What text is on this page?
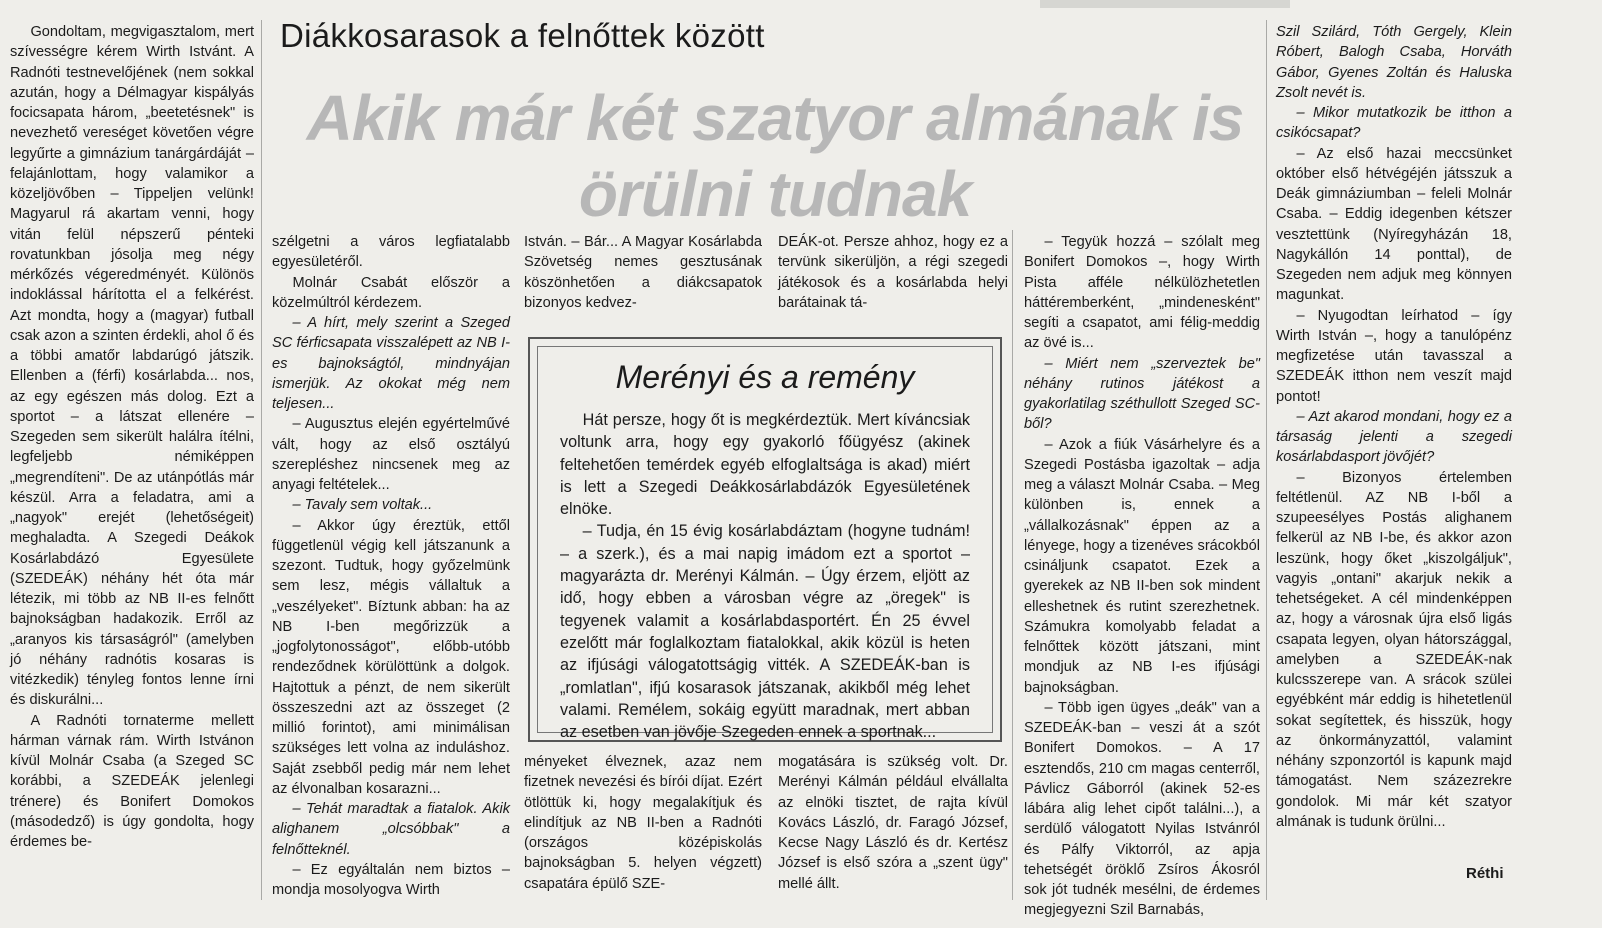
Diákkosarasok a felnőttek között
Akik már két szatyor almának is örülni tudnak

Gondoltam, megvigasztalom, mert szívességre kérem Wirth Istvánt. A Radnóti testnevelőjének (nem sokkal azután, hogy a Délmagyar kispályás focicsapata három, „beetetésnek" is nevezhető vereséget követően végre legyűrte a gimnázium tanárgárdáját – felajánlottam, hogy valamikor a közeljövőben – Tippeljen velünk! Magyarul rá akartam venni, hogy vitán felül népszerű pénteki rovatunkban jósolja meg négy mérkőzés végeredményét. Különös indoklással hárította el a felkérést. Azt mondta, hogy a (magyar) futball csak azon a szinten érdekli, ahol ő és a többi amatőr labdarúgó játszik. Ellenben a (férfi) kosárlabda... nos, az egy egészen más dolog. Ezt a sportot – a látszat ellenére – Szegeden sem sikerült halálra ítélni, legfeljebb némiképpen „megrendíteni". De az utánpótlás már készül. Arra a feladatra, ami a „nagyok" erejét (lehetőségeit) meghaladta. A Szegedi Deákok Kosárlabdázó Egyesülete (SZEDEÁK) néhány hét óta már létezik, mi több az NB II-es felnőtt bajnokságban hadakozik. Erről az „aranyos kis társaságról" (amelyben jó néhány radnótis kosaras is vitézkedik) tényleg fontos lenne írni és diskurálni...

A Radnóti tornaterme mellett hárman várnak rám. Wirth Istvánon kívül Molnár Csaba (a Szeged SC korábbi, a SZEDEÁK jelenlegi trénere) és Bonifert Domokos (másodedző) is úgy gondolta, hogy érdemes be-

szélgetni a város legfiatalabb egyesületéről.

Molnár Csabát először a közelmúltról kérdezem.

– A hírt, mely szerint a Szeged SC férficsapata visszalépett az NB I-es bajnokságtól, mindnyájan ismerjük. Az okokat még nem teljesen...

– Augusztus elején egyértelművé vált, hogy az első osztályú szerepléshez nincsenek meg az anyagi feltételek...

– Tavaly sem voltak...

– Akkor úgy éreztük, ettől függetlenül végig kell játszanunk a szezont. Tudtuk, hogy győzelmünk sem lesz, mégis vállaltuk a „veszélyeket". Bíztunk abban: ha az NB I-ben megőrizzük a „jogfolytonosságot", előbb-utóbb rendeződnek körülöttünk a dolgok. Hajtottuk a pénzt, de nem sikerült összeszedni azt az összeget (2 millió forintot), ami minimálisan szükséges lett volna az induláshoz. Saját zsebből pedig már nem lehet az élvonalban kosarazni...

– Tehát maradtak a fiatalok. Akik alighanem „olcsóbbak" a felnőtteknél.

– Ez egyáltalán nem biztos – mondja mosolyogva Wirth

István. – Bár... A Magyar Kosárlabda Szövetség nemes gesztusának köszönhetően a diákcsapatok bizonyos kedvez-

DEÁK-ot. Persze ahhoz, hogy ez a tervünk sikerüljön, a régi szegedi játékosok és a kosárlabda helyi barátainak tá-

Merényi és a remény

Hát persze, hogy őt is megkérdeztük. Mert kíváncsiak voltunk arra, hogy egy gyakorló főügyész (akinek feltehetően temérdek egyéb elfoglaltsága is akad) miért is lett a Szegedi Deákkosárlabdázók Egyesületének elnöke.

– Tudja, én 15 évig kosárlabdáztam (hogyne tudnám! – a szerk.), és a mai napig imádom ezt a sportot – magyarázta dr. Merényi Kálmán. – Úgy érzem, eljött az idő, hogy ebben a városban végre az „öregek" is tegyenek valamit a kosárlabdasportért. Én 25 évvel ezelőtt már foglalkoztam fiatalokkal, akik közül is heten az ifjúsági válogatottságig vitték. A SZEDEÁK-ban is „romlatlan", ifjú kosarasok játszanak, akikből még lehet valami. Remélem, sokáig együtt maradnak, mert abban az esetben van jövője Szegeden ennek a sportnak...

ményeket élveznek, azaz nem fizetnek nevezési és bírói díjat. Ezért ötlöttük ki, hogy megalakítjuk és elindítjuk az NB II-ben a Radnóti (országos középiskolás bajnokságban 5. helyen végzett) csapatára épülő SZE-

mogatására is szükség volt. Dr. Merényi Kálmán például elvállalta az elnöki tisztet, de rajta kívül Kovács László, dr. Faragó József, Kecse Nagy László és dr. Kertész József is első szóra a „szent ügy" mellé állt.

– Tegyük hozzá – szólalt meg Bonifert Domokos –, hogy Wirth Pista afféle nélkülözhetetlen háttéremberként, „mindenesként" segíti a csapatot, ami félig-meddig az övé is...

– Miért nem „szerveztek be" néhány rutinos játékost a gyakorlatilag széthullott Szeged SC-ből?

– Azok a fiúk Vásárhelyre és a Szegedi Postásba igazoltak – adja meg a választ Molnár Csaba. – Meg különben is, ennek a „vállalkozásnak" éppen az a lényege, hogy a tizenéves srácokból csináljunk csapatot. Ezek a gyerekek az NB II-ben sok mindent elleshetnek és rutint szerezhetnek. Számukra komolyabb feladat a felnőttek között játszani, mint mondjuk az NB I-es ifjúsági bajnokságban.

– Több igen ügyes „deák" van a SZEDEÁK-ban – veszi át a szót Bonifert Domokos. – A 17 esztendős, 210 cm magas centerről, Pávlicz Gáborról (akinek 52-es lábára alig lehet cipőt találni...), a serdülő válogatott Nyilas Istvánról és Pálfy Viktorról, az apja tehetségét öröklő Zsíros Ákosról sok jót tudnék mesélni, de érdemes megjegyezni Szil Barnabás,

Szil Szilárd, Tóth Gergely, Klein Róbert, Balogh Csaba, Horváth Gábor, Gyenes Zoltán és Haluska Zsolt nevét is.

– Mikor mutatkozik be itthon a csikócsapat?

– Az első hazai meccsünket október első hétvégéjén játsszuk a Deák gimnáziumban – feleli Molnár Csaba. – Eddig idegenben kétszer vesztettünk (Nyíregyházán 18, Nagykállón 14 ponttal), de Szegeden nem adjuk meg könnyen magunkat.

– Nyugodtan leírhatod – így Wirth István –, hogy a tanulópénz megfizetése után tavasszal a SZEDEÁK itthon nem veszít majd pontot!

– Azt akarod mondani, hogy ez a társaság jelenti a szegedi kosárlabdasport jövőjét?

– Bizonyos értelemben feltétlenül. AZ NB I-ből a szupeesélyes Postás alighanem felkerül az NB I-be, és akkor azon leszünk, hogy őket „kiszolgáljuk", vagyis „ontani" akarjuk nekik a tehetségeket. A cél mindenképpen az, hogy a városnak újra első ligás csapata legyen, olyan hátországgal, amelyben a SZEDEÁK-nak kulcsszerepe van. A srácok szülei egyébként már eddig is hihetetlenül sokat segítettek, és hisszük, hogy az önkormányzattól, valamint néhány szponzortól is kapunk majd támogatást. Nem százezrekre gondolok. Mi már két szatyor almának is tudunk örülni...

Réthi
